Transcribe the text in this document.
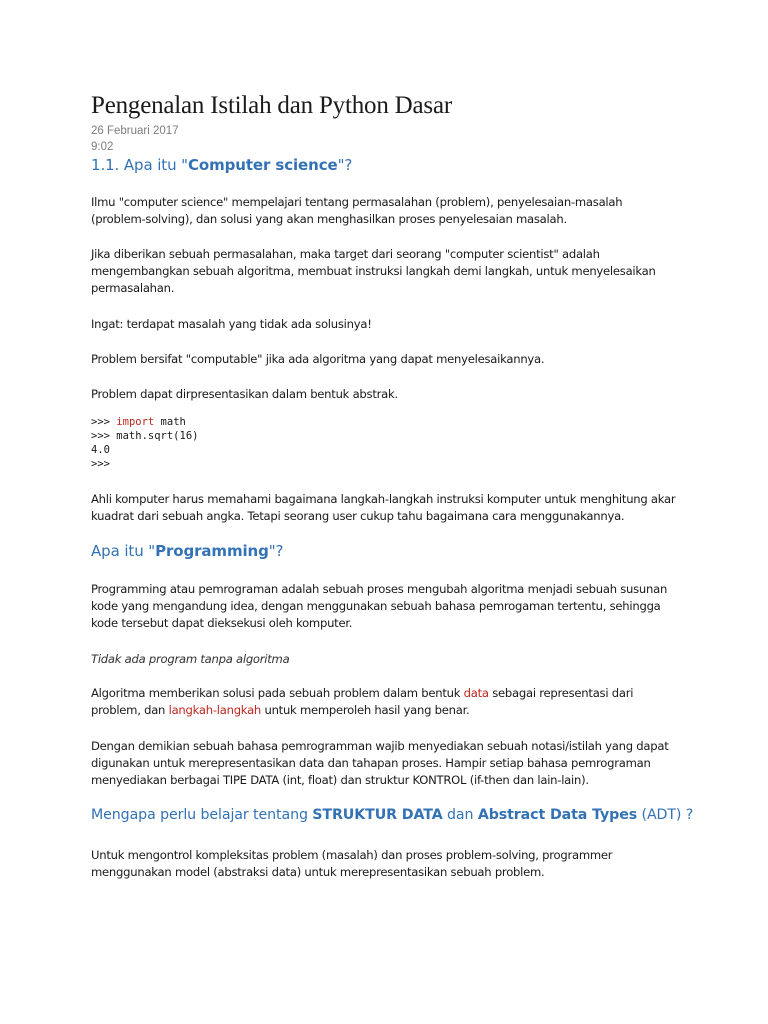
Pengenalan Istilah dan Python Dasar
26 Februari 2017
9:02
1.1. Apa itu "Computer science"?
Ilmu "computer science" mempelajari tentang permasalahan (problem), penyelesaian-masalah
(problem-solving), dan solusi yang akan menghasilkan proses penyelesaian masalah.
Jika diberikan sebuah permasalahan, maka target dari seorang "computer scientist" adalah
mengembangkan sebuah algoritma, membuat instruksi langkah demi langkah, untuk menyelesaikan
permasalahan.
Ingat: terdapat masalah yang tidak ada solusinya!
Problem bersifat "computable" jika ada algoritma yang dapat menyelesaikannya.
Problem dapat dirpresentasikan dalam bentuk abstrak.
>>> import math
>>> math.sqrt(16)
4.0
>>>
Ahli komputer harus memahami bagaimana langkah-langkah instruksi komputer untuk menghitung akar
kuadrat dari sebuah angka. Tetapi seorang user cukup tahu bagaimana cara menggunakannya.
Apa itu "Programming"?
Programming atau pemrograman adalah sebuah proses mengubah algoritma menjadi sebuah susunan
kode yang mengandung idea, dengan menggunakan sebuah bahasa pemrogaman tertentu, sehingga
kode tersebut dapat dieksekusi oleh komputer.
Tidak ada program tanpa algoritma
Algoritma memberikan solusi pada sebuah problem dalam bentuk data sebagai representasi dari
problem, dan langkah-langkah untuk memperoleh hasil yang benar.
Dengan demikian sebuah bahasa pemrogramman wajib menyediakan sebuah notasi/istilah yang dapat
digunakan untuk merepresentasikan data dan tahapan proses. Hampir setiap bahasa pemrograman
menyediakan berbagai TIPE DATA (int, float) dan struktur KONTROL (if-then dan lain-lain).
Mengapa perlu belajar tentang STRUKTUR DATA dan Abstract Data Types (ADT) ?
Untuk mengontrol kompleksitas problem (masalah) dan proses problem-solving, programmer
menggunakan model (abstraksi data) untuk merepresentasikan sebuah problem.
